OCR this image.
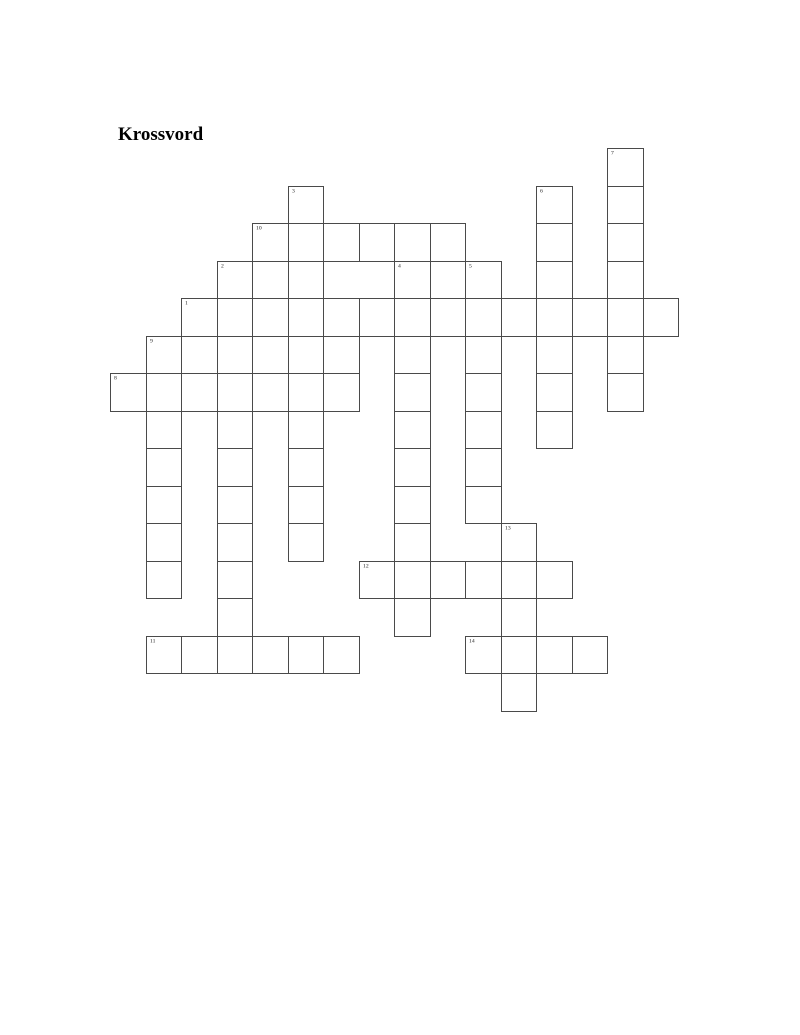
Krossvord
10
2	4	5
1
9
8
12
11	14
3
13
6
7
